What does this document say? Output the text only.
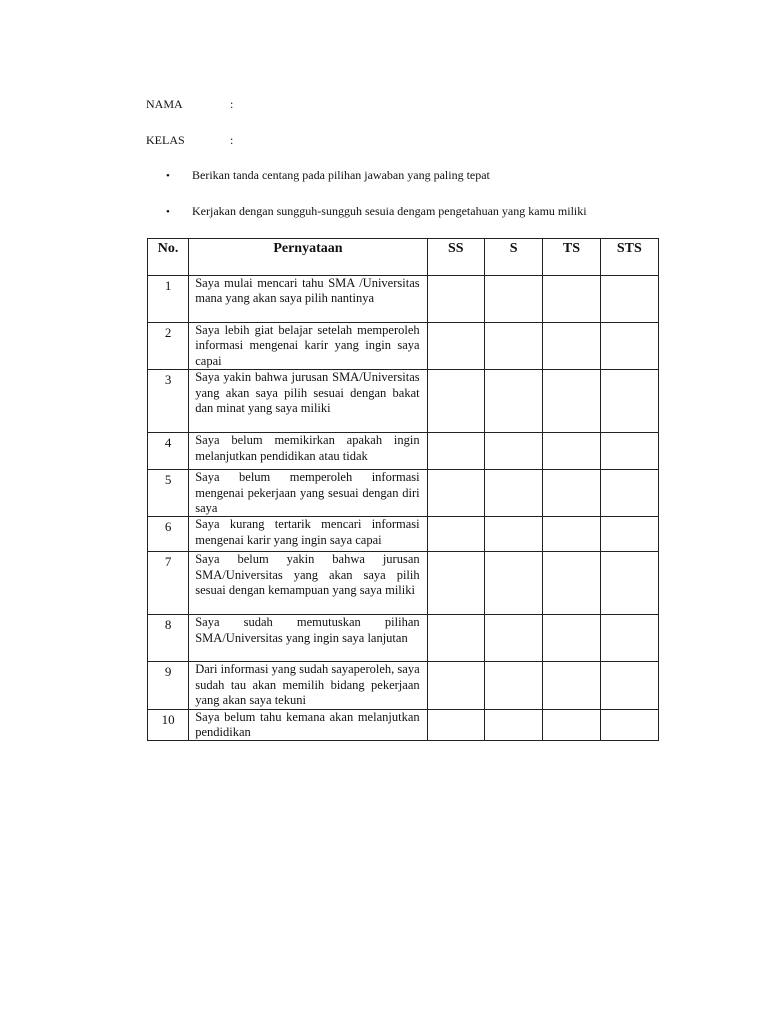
NAMA	:
KELAS	:
• Berikan tanda centang pada pilihan jawaban yang paling tepat
• Kerjakan dengan sungguh-sungguh sesuia dengam pengetahuan yang kamu miliki
No.	Pernyataan	SS	S	TS	STS
1	Saya mulai mencari tahu SMA /Universitas mana yang akan saya pilih nantinya				
2	Saya lebih giat belajar setelah memperoleh informasi mengenai karir yang ingin saya capai				
3	Saya yakin bahwa jurusan SMA/Universitas yang akan saya pilih sesuai dengan bakat dan minat yang saya miliki				
4	Saya belum memikirkan apakah ingin melanjutkan pendidikan atau tidak				
5	Saya belum memperoleh informasi mengenai pekerjaan yang sesuai dengan diri saya				
6	Saya kurang tertarik mencari informasi mengenai karir yang ingin saya capai				
7	Saya belum yakin bahwa jurusan SMA/Universitas yang akan saya pilih sesuai dengan kemampuan yang saya miliki				
8	Saya sudah memutuskan pilihan SMA/Universitas yang ingin saya lanjutan				
9	Dari informasi yang sudah sayaperoleh, saya sudah tau akan memilih bidang pekerjaan yang akan saya tekuni				
10	Saya belum tahu kemana akan melanjutkan pendidikan				
